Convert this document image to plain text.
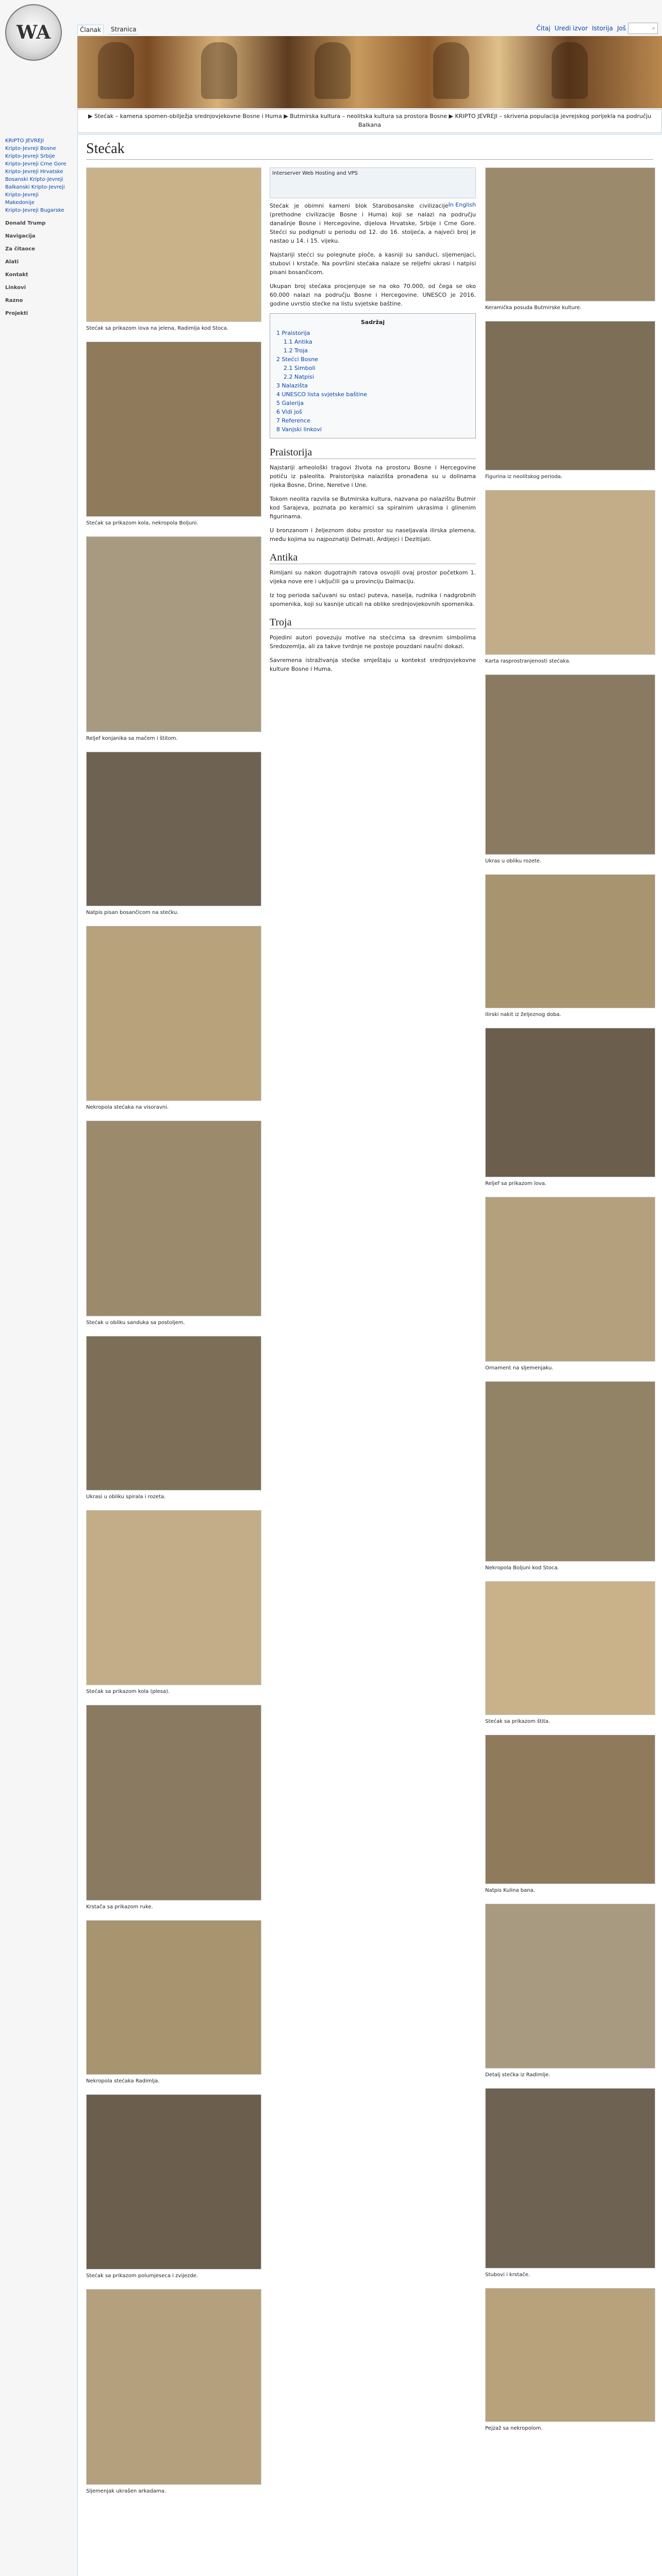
WA	Članak	Stranica	Čitaj Uredi izvor Istorija Još	⌕
▶ Stećak – kamena spomen-obilježja srednjovjekovne Bosne i Huma ▶ Butmirska kultura – neolitska kultura sa prostora Bosne ▶ KRIPTO JEVREJI – skrivena populacija jevrejskog porijekla na području Balkana
KRIPTO JEVREJI
Kripto-Jevreji Bosne
Kripto-Jevreji Srbije
Kripto-Jevreji Crne Gore
Kripto-Jevreji Hrvatske
Bosanski Kripto-Jevreji
Balkanski Kripto-Jevreji
Kripto-Jevreji Makedonije
Kripto-Jevreji Bugarske
Donald Trump
Navigacija
Za čitaoce
Alati
Kontakt
Linkovi
Razno
Projekti
Stećak
Stećak sa prikazom lova na jelena, Radimlja kod Stoca.
Stećak sa prikazom kola, nekropola Boljuni.
Reljef konjanika sa mačem i štitom.
Natpis pisan bosančicom na stećku.
Nekropola stećaka na visoravni.
Stećak u obliku sanduka sa postoljem.
Ukrasi u obliku spirala i rozeta.
Stećak sa prikazom kola (plesa).
Krstača sa prikazom ruke.
Nekropola stećaka Radimlja.
Stećak sa prikazom polumjeseca i zvijezde.
Sljemenjak ukrašen arkadama.
Interserver Web Hosting and VPS
In English

Stećak je obimni kameni blok Starobosanske civilizacije (prethodne civilizacije Bosne i Huma) koji se nalazi na području današnje Bosne i Hercegovine, dijelova Hrvatske, Srbije i Crne Gore. Stećci su podignuti u periodu od 12. do 16. stoljeća, a najveći broj je nastao u 14. i 15. vijeku.

Najstariji stećci su polegnute ploče, a kasniji su sanduci, sljemenjaci, stubovi i krstače. Na površini stećaka nalaze se reljefni ukrasi i natpisi pisani bosančicom.

Ukupan broj stećaka procjenjuje se na oko 70.000, od čega se oko 60.000 nalazi na području Bosne i Hercegovine. UNESCO je 2016. godine uvrstio stećke na listu svjetske baštine.

Sadržaj
1 Praistorija
1.1 Antika
1.2 Troja
2 Stećci Bosne
2.1 Simboli
2.2 Natpisi
3 Nalazišta
4 UNESCO lista svjetske baštine
5 Galerija
6 Vidi još
7 Reference
8 Vanjski linkovi
Praistorija

Najstariji arheološki tragovi života na prostoru Bosne i Hercegovine potiču iz paleolita. Praistorijska nalazišta pronađena su u dolinama rijeka Bosne, Drine, Neretve i Une.

Tokom neolita razvila se Butmirska kultura, nazvana po nalazištu Butmir kod Sarajeva, poznata po keramici sa spiralnim ukrasima i glinenim figurinama.

U bronzanom i željeznom dobu prostor su naseljavala ilirska plemena, među kojima su najpoznatiji Delmati, Ardijejci i Dezitijati.

Antika

Rimljani su nakon dugotrajnih ratova osvojili ovaj prostor početkom 1. vijeka nove ere i uključili ga u provinciju Dalmaciju.

Iz tog perioda sačuvani su ostaci puteva, naselja, rudnika i nadgrobnih spomenika, koji su kasnije uticali na oblike srednjovjekovnih spomenika.

Troja

Pojedini autori povezuju motive na stećcima sa drevnim simbolima Sredozemlja, ali za takve tvrdnje ne postoje pouzdani naučni dokazi.

Savremena istraživanja stećke smještaju u kontekst srednjovjekovne kulture Bosne i Huma.

Keramička posuda Butmirske kulture.
Figurina iz neolitskog perioda.
Karta rasprostranjenosti stećaka.
Ukras u obliku rozete.
Ilirski nakit iz željeznog doba.
Reljef sa prikazom lova.
Ornament na sljemenjaku.
Nekropola Boljuni kod Stoca.
Stećak sa prikazom štita.
Natpis Kulina bana.
Detalj stećka iz Radimlje.
Stubovi i krstače.
Pejzaž sa nekropolom.
